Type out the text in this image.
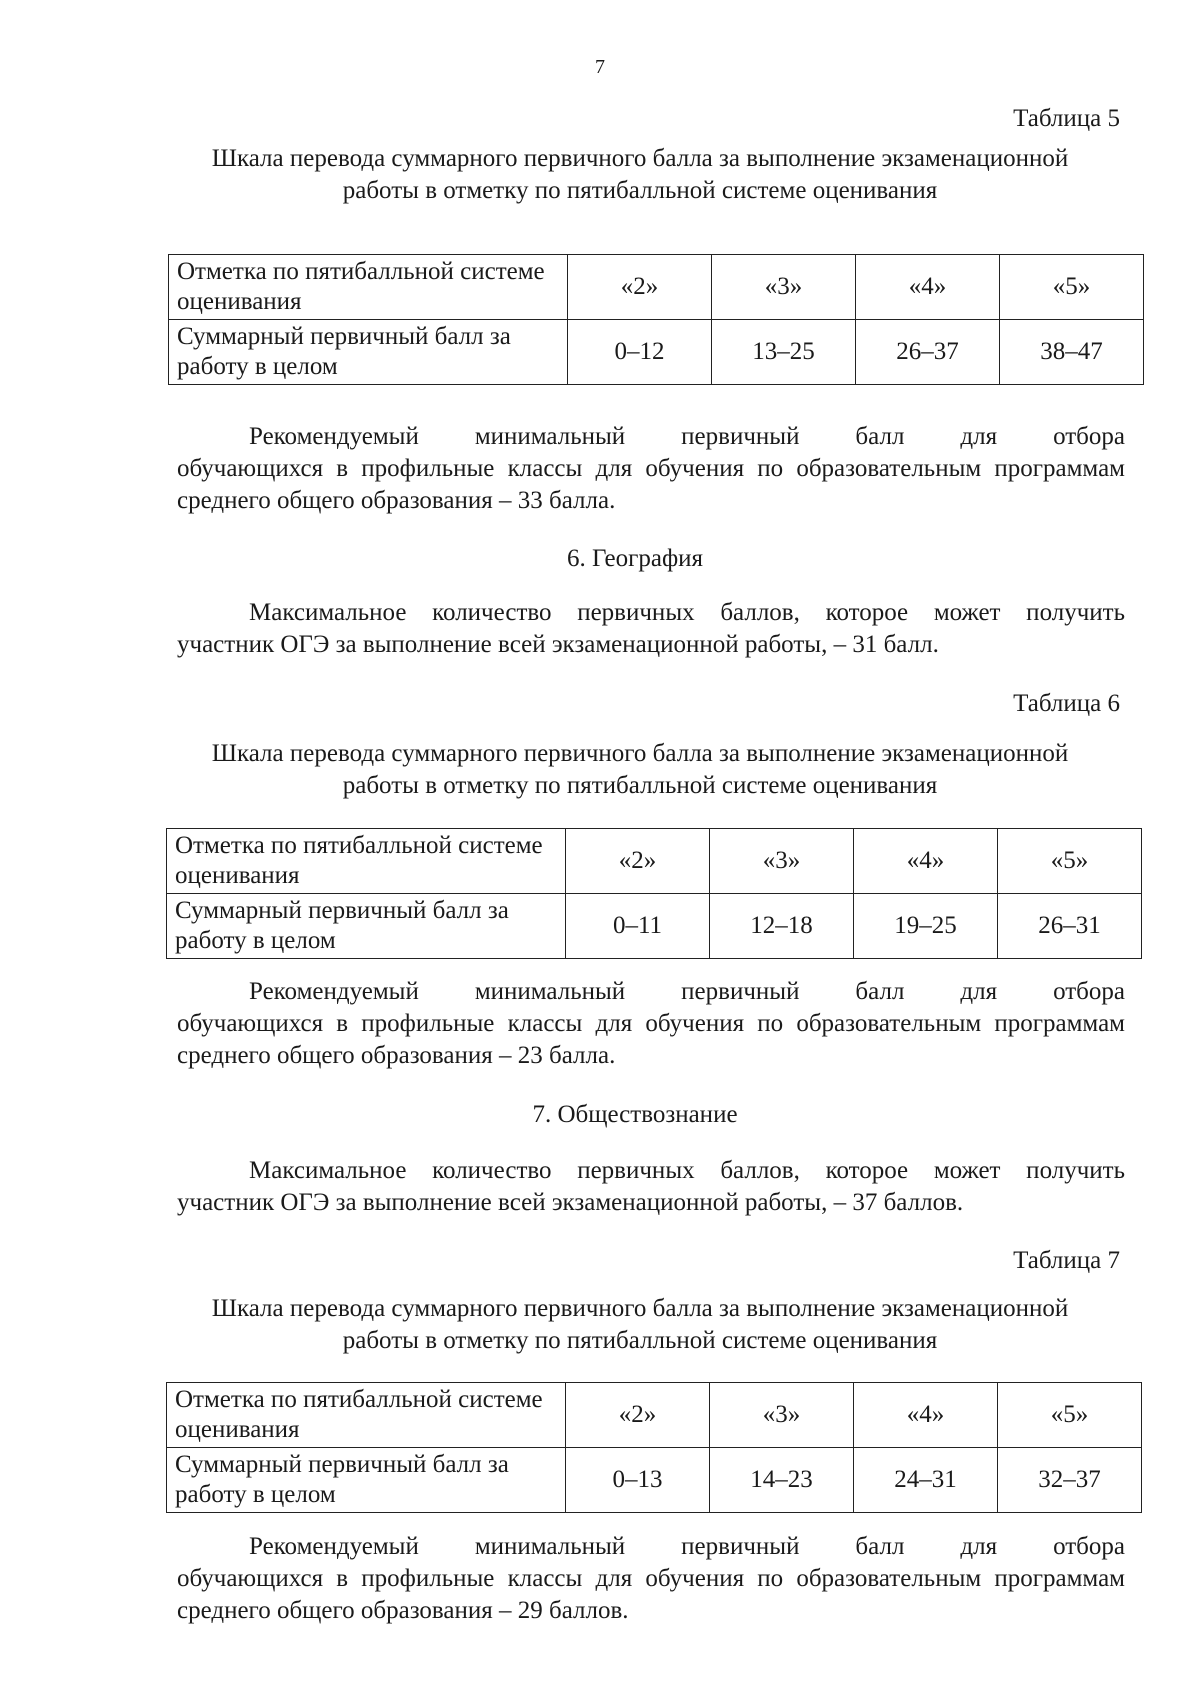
7
Таблица 5
Шкала перевода суммарного первичного балла за выполнение экзаменационной работы в отметку по пятибалльной системе оценивания
Отметка по пятибалльной системе оценивания	«2»	«3»	«4»	«5»
Суммарный первичный балл за работу в целом	0–12	13–25	26–37	38–47
Рекомендуемый минимальный первичный балл для отбора
обучающихся в профильные классы для обучения по образовательным программам среднего общего образования – 33 балла.
6. География
Максимальное количество первичных баллов, которое может получить
участник ОГЭ за выполнение всей экзаменационной работы, – 31 балл.
Таблица 6
Шкала перевода суммарного первичного балла за выполнение экзаменационной работы в отметку по пятибалльной системе оценивания
Отметка по пятибалльной системе оценивания	«2»	«3»	«4»	«5»
Суммарный первичный балл за работу в целом	0–11	12–18	19–25	26–31
Рекомендуемый минимальный первичный балл для отбора
обучающихся в профильные классы для обучения по образовательным программам среднего общего образования – 23 балла.
7. Обществознание
Максимальное количество первичных баллов, которое может получить
участник ОГЭ за выполнение всей экзаменационной работы, – 37 баллов.
Таблица 7
Шкала перевода суммарного первичного балла за выполнение экзаменационной работы в отметку по пятибалльной системе оценивания
Отметка по пятибалльной системе оценивания	«2»	«3»	«4»	«5»
Суммарный первичный балл за работу в целом	0–13	14–23	24–31	32–37
Рекомендуемый минимальный первичный балл для отбора
обучающихся в профильные классы для обучения по образовательным программам среднего общего образования – 29 баллов.
